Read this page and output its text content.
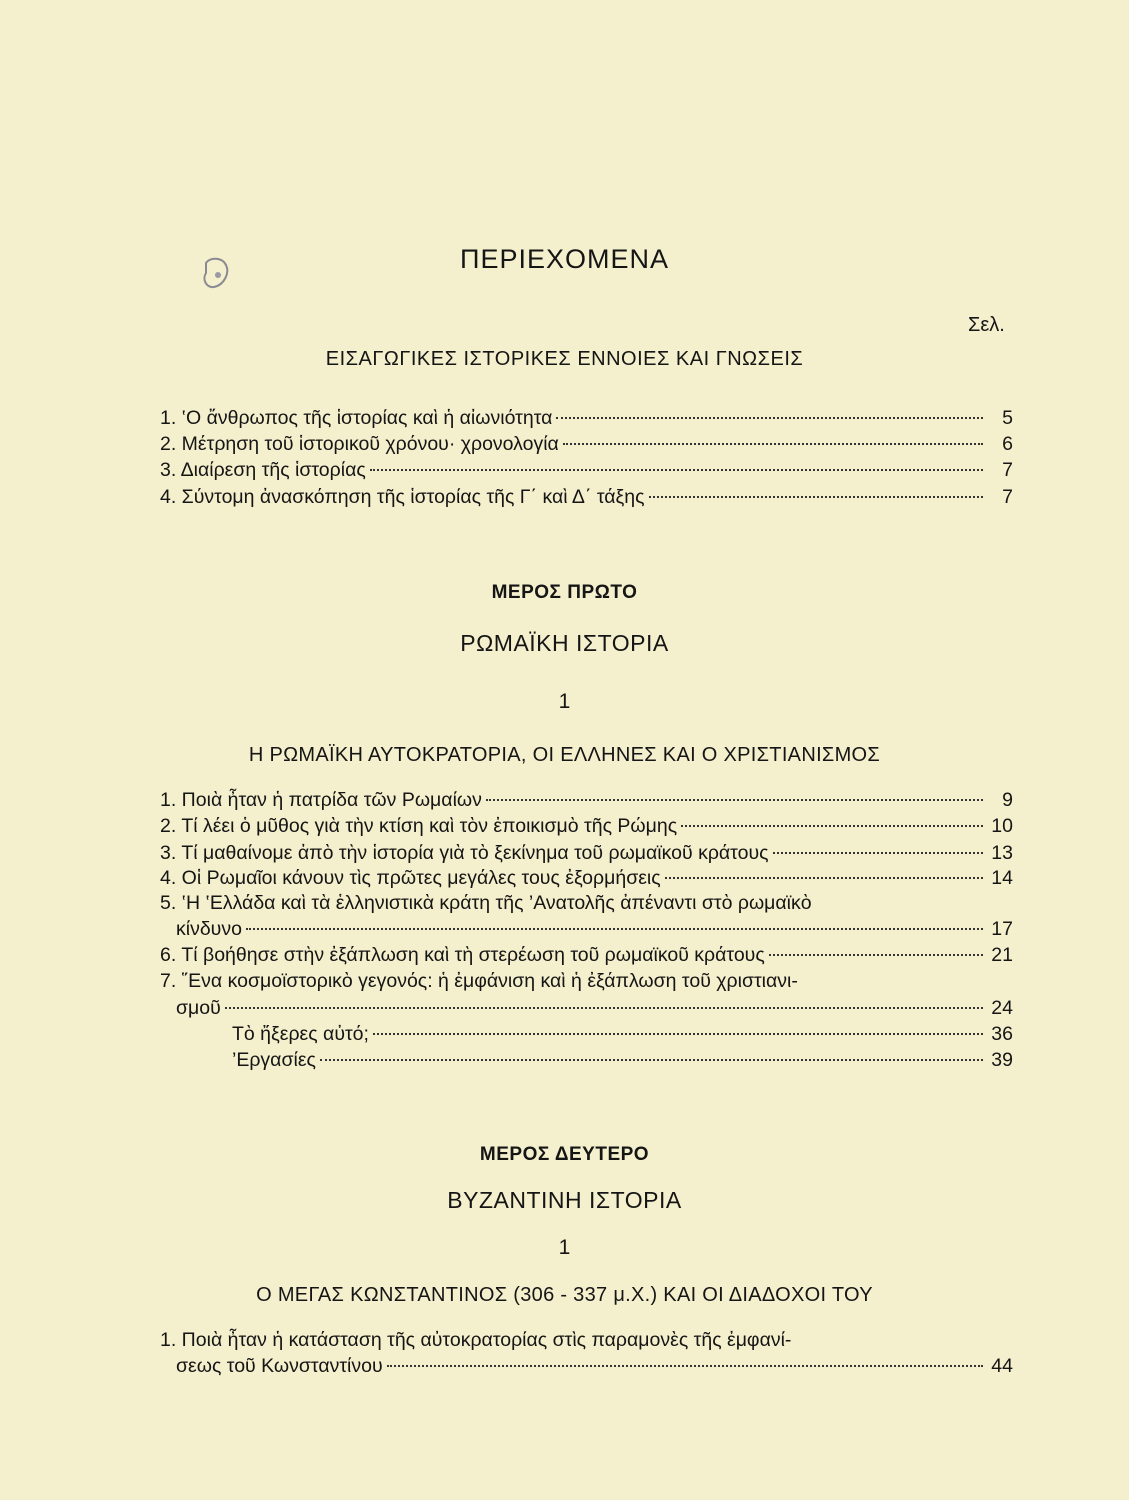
ΠΕΡΙΕΧΟΜΕΝΑ
Σελ.
ΕΙΣΑΓΩΓΙΚΕΣ ΙΣΤΟΡΙΚΕΣ ΕΝΝΟΙΕΣ ΚΑΙ ΓΝΩΣΕΙΣ
1. ‛Ο ἄνθρωπος τῆς ἱστορίας καὶ ἡ αἰωνιότητα	5
2. Μέτρηση τοῦ ἱστορικοῦ χρόνου· χρονολογία	6
3. Διαίρεση τῆς ἱστορίας	7
4. Σύντομη ἀνασκόπηση τῆς ἱστορίας τῆς Γ΄ καὶ Δ΄ τάξης	7
ΜΕΡΟΣ ΠΡΩΤΟ
ΡΩΜΑΪΚΗ ΙΣΤΟΡΙΑ
1
Η ΡΩΜΑΪΚΗ ΑΥΤΟΚΡΑΤΟΡΙΑ, ΟΙ ΕΛΛΗΝΕΣ ΚΑΙ Ο ΧΡΙΣΤΙΑΝΙΣΜΟΣ
1. Ποιὰ ἦταν ἡ πατρίδα τῶν Ρωμαίων	9
2. Τί λέει ὁ μῦθος γιὰ τὴν κτίση καὶ τὸν ἐποικισμὸ τῆς Ρώμης	10
3. Τί μαθαίνομε ἀπὸ τὴν ἱστορία γιὰ τὸ ξεκίνημα τοῦ ρωμαϊκοῦ κράτους	13
4. Οἱ Ρωμαῖοι κάνουν τὶς πρῶτες μεγάλες τους ἐξορμήσεις	14
5. ‛Η ‛Ελλάδα καὶ τὰ ἑλληνιστικὰ κράτη τῆς ’Ανατολῆς ἀπέναντι στὸ ρωμαϊκὸ
κίνδυνο	17
6. Τί βοήθησε στὴν ἐξάπλωση καὶ τὴ στερέωση τοῦ ρωμαϊκοῦ κράτους	21
7. ῞Ενα κοσμοϊστορικὸ γεγονός: ἡ ἐμφάνιση καὶ ἡ ἐξάπλωση τοῦ χριστιανι-
σμοῦ	24
Τὸ ἤξερες αὐτό;	36
’Εργασίες	39
ΜΕΡΟΣ ΔΕΥΤΕΡΟ
ΒΥΖΑΝΤΙΝΗ ΙΣΤΟΡΙΑ
1
Ο ΜΕΓΑΣ ΚΩΝΣΤΑΝΤΙΝΟΣ (306 - 337 μ.Χ.) ΚΑΙ ΟΙ ΔΙΑΔΟΧΟΙ ΤΟΥ
1. Ποιὰ ἦταν ἡ κατάσταση τῆς αὐτοκρατορίας στὶς παραμονὲς τῆς ἐμφανί-
σεως τοῦ Κωνσταντίνου	44
